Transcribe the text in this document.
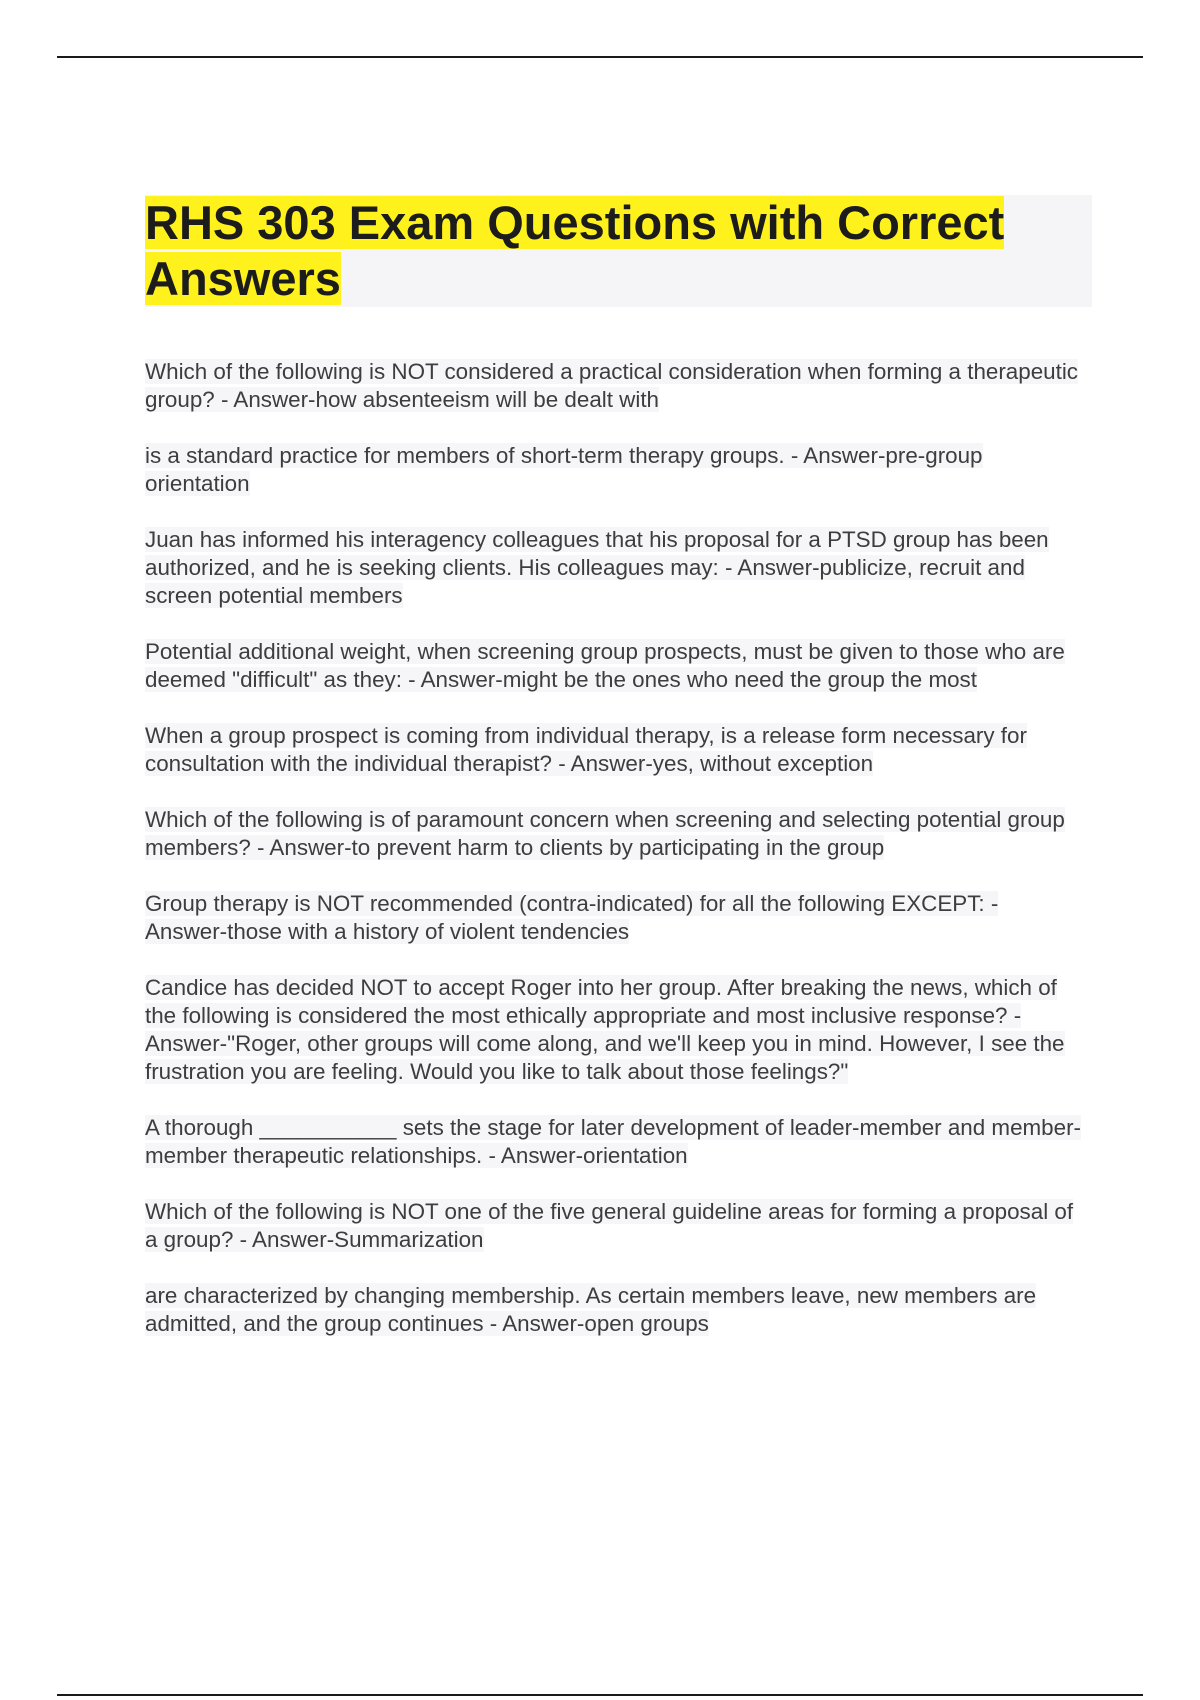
RHS 303 Exam Questions with Correct Answers
Which of the following is NOT considered a practical consideration when forming a therapeutic group? - Answer-how absenteeism will be dealt with
is a standard practice for members of short-term therapy groups. - Answer-pre-group orientation
Juan has informed his interagency colleagues that his proposal for a PTSD group has been authorized, and he is seeking clients. His colleagues may: - Answer-publicize, recruit and screen potential members
Potential additional weight, when screening group prospects, must be given to those who are deemed "difficult" as they: - Answer-might be the ones who need the group the most
When a group prospect is coming from individual therapy, is a release form necessary for consultation with the individual therapist? - Answer-yes, without exception
Which of the following is of paramount concern when screening and selecting potential group members? - Answer-to prevent harm to clients by participating in the group
Group therapy is NOT recommended (contra-indicated) for all the following EXCEPT: - Answer-those with a history of violent tendencies
Candice has decided NOT to accept Roger into her group. After breaking the news, which of the following is considered the most ethically appropriate and most inclusive response? - Answer-"Roger, other groups will come along, and we'll keep you in mind. However, I see the frustration you are feeling. Would you like to talk about those feelings?"
A thorough ___________ sets the stage for later development of leader-member and member-member therapeutic relationships. - Answer-orientation
Which of the following is NOT one of the five general guideline areas for forming a proposal of a group? - Answer-Summarization
are characterized by changing membership. As certain members leave, new members are admitted, and the group continues - Answer-open groups
